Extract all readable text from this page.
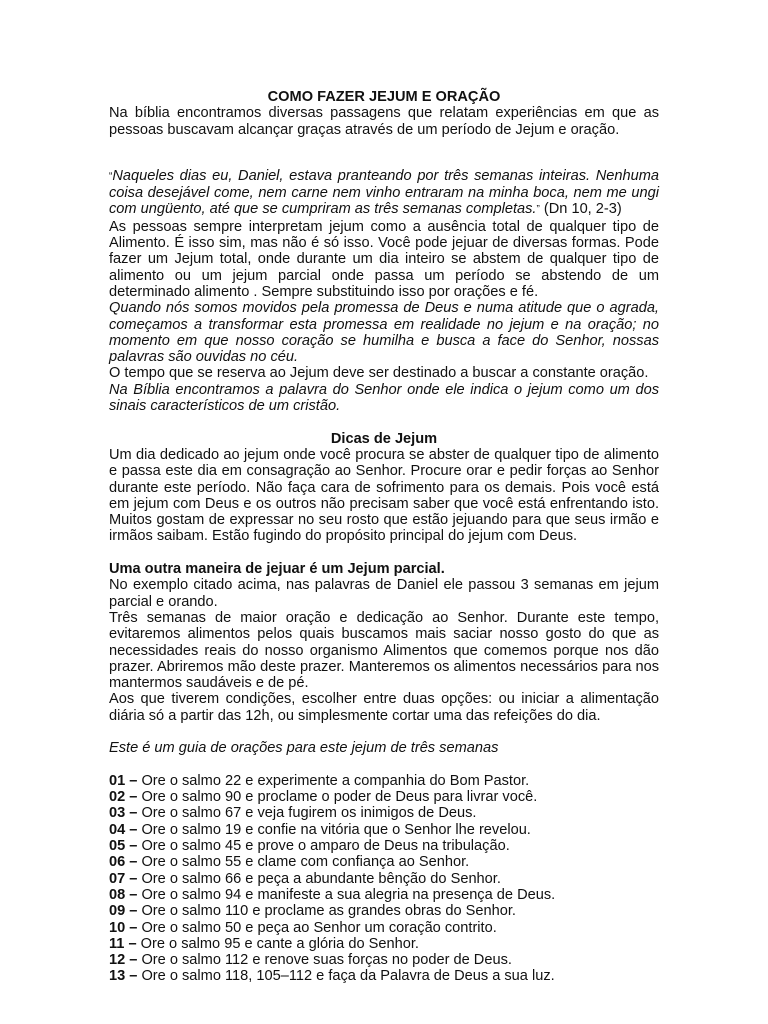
COMO FAZER JEJUM E ORAÇÃO

Na bíblia encontramos diversas passagens que relatam experiências em que as pessoas buscavam alcançar graças através de um período de Jejum e oração.

“Naqueles dias eu, Daniel, estava pranteando por três semanas inteiras. Nenhuma coisa desejável come, nem carne nem vinho entraram na minha boca, nem me ungi com ungüento, até que se cumpriram as três semanas completas.” (Dn 10, 2-3)

As pessoas sempre interpretam jejum como a ausência total de qualquer tipo de Alimento. É isso sim, mas não é só isso. Você pode jejuar de diversas formas. Pode fazer um Jejum total, onde durante um dia inteiro se abstem de qualquer tipo de alimento ou um jejum parcial onde passa um período se abstendo de um determinado alimento . Sempre substituindo isso por orações e fé.

Quando nós somos movidos pela promessa de Deus e numa atitude que o agrada, começamos a transformar esta promessa em realidade no jejum e na oração; no momento em que nosso coração se humilha e busca a face do Senhor, nossas palavras são ouvidas no céu.

O tempo que se reserva ao Jejum deve ser destinado a buscar a constante oração.

Na Bíblia encontramos a palavra do Senhor onde ele indica o jejum como um dos sinais característicos de um cristão.

Dicas de Jejum

Um dia dedicado ao jejum onde você procura se abster de qualquer tipo de alimento e passa este dia em consagração ao Senhor. Procure orar e pedir forças ao Senhor durante este período. Não faça cara de sofrimento para os demais. Pois você está em jejum com Deus e os outros não precisam saber que você está enfrentando isto. Muitos gostam de expressar no seu rosto que estão jejuando para que seus irmão e irmãos saibam. Estão fugindo do propósito principal do jejum com Deus.

Uma outra maneira de jejuar é um Jejum parcial.

No exemplo citado acima, nas palavras de Daniel ele passou 3 semanas em jejum parcial e orando.

Três semanas de maior oração e dedicação ao Senhor. Durante este tempo, evitaremos alimentos pelos quais buscamos mais saciar nosso gosto do que as necessidades reais do nosso organismo Alimentos que comemos porque nos dão prazer. Abriremos mão deste prazer. Manteremos os alimentos necessários para nos mantermos saudáveis e de pé.

Aos que tiverem condições, escolher entre duas opções: ou iniciar a alimentação diária só a partir das 12h, ou simplesmente cortar uma das refeições do dia.

Este é um guia de orações para este jejum de três semanas

01 – Ore o salmo 22 e experimente a companhia do Bom Pastor.
02 – Ore o salmo 90 e proclame o poder de Deus para livrar você.
03 – Ore o salmo 67 e veja fugirem os inimigos de Deus.
04 – Ore o salmo 19 e confie na vitória que o Senhor lhe revelou.
05 – Ore o salmo 45 e prove o amparo de Deus na tribulação.
06 – Ore o salmo 55 e clame com confiança ao Senhor.
07 – Ore o salmo 66 e peça a abundante bênção do Senhor.
08 – Ore o salmo 94 e manifeste a sua alegria na presença de Deus.
09 – Ore o salmo 110 e proclame as grandes obras do Senhor.
10 – Ore o salmo 50 e peça ao Senhor um coração contrito.
11 – Ore o salmo 95 e cante a glória do Senhor.
12 – Ore o salmo 112 e renove suas forças no poder de Deus.
13 – Ore o salmo 118, 105–112 e faça da Palavra de Deus a sua luz.
